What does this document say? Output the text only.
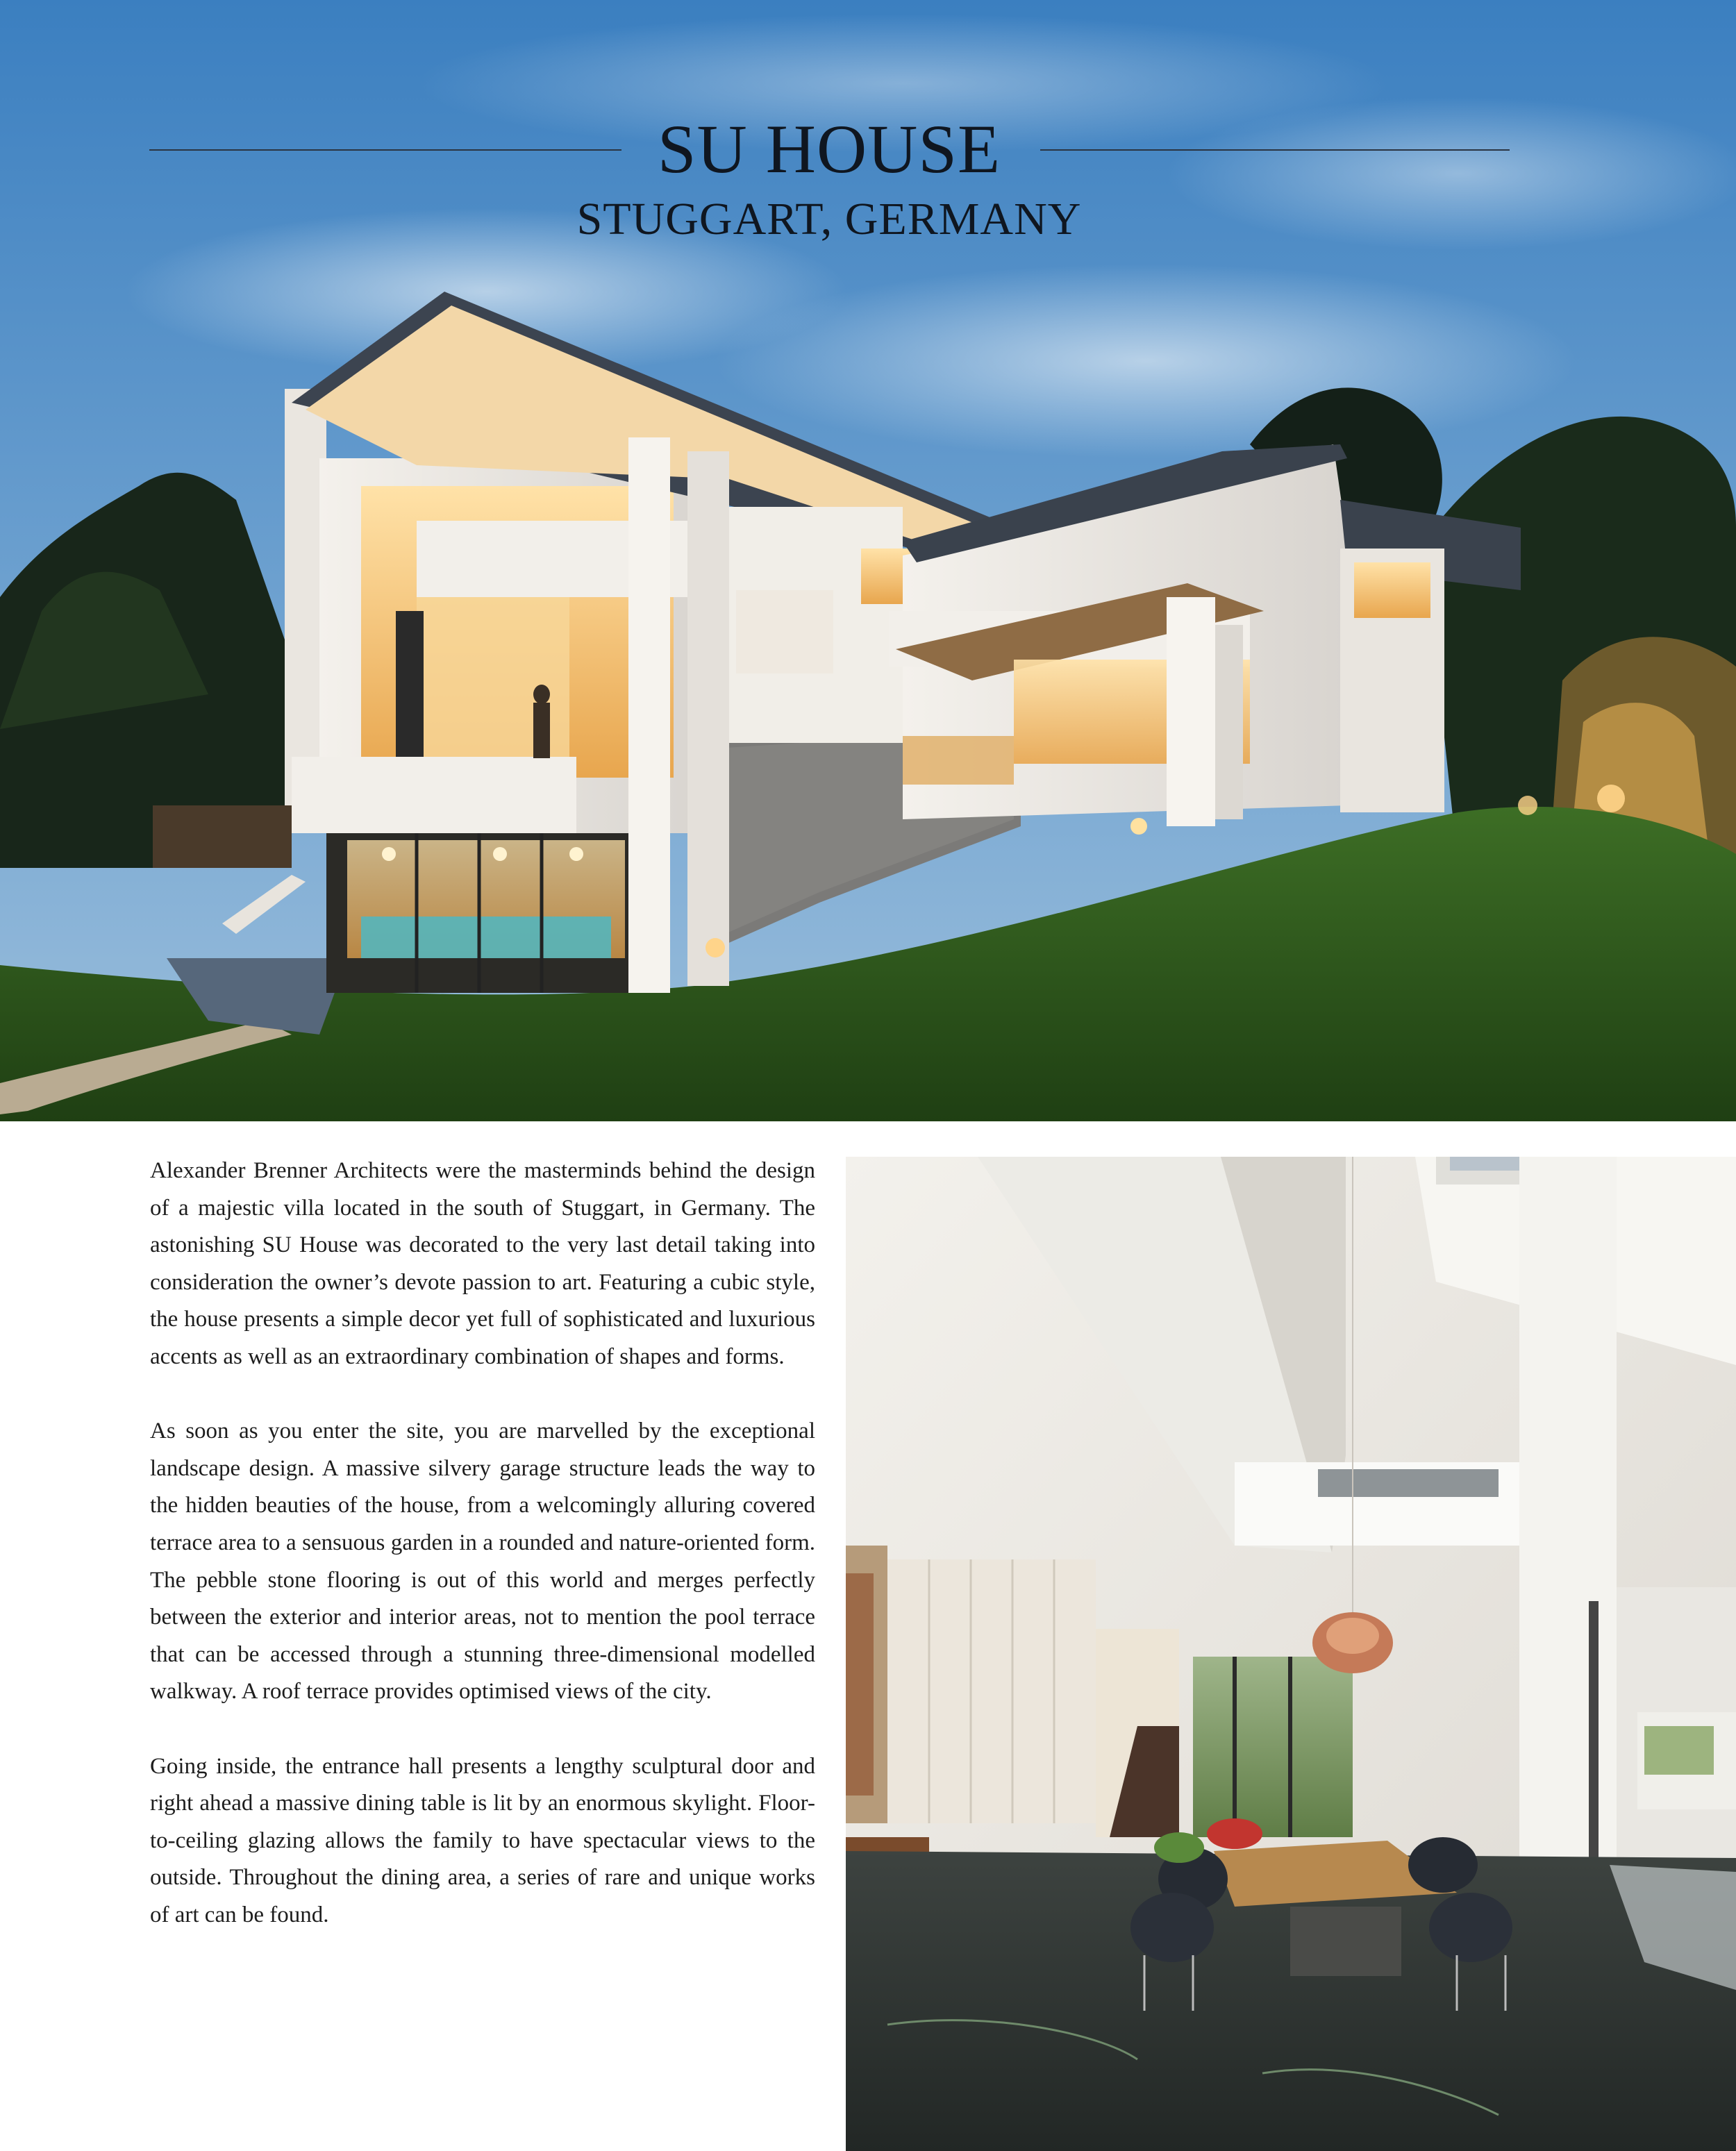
SU HOUSE
STUGGART, GERMANY

Alexander Brenner Architects were the masterminds behind the design of a majestic villa located in the south of Stuggart, in Germany. The astonishing SU House was decorated to the very last detail taking into consideration the owner’s devote passion to art. Featuring a cubic style, the house presents a simple decor yet full of sophisticated and luxurious accents as well as an extraordinary combination of shapes and forms.

As soon as you enter the site, you are marvelled by the exceptional landscape design. A massive silvery garage structure leads the way to the hidden beauties of the house, from a welcomingly alluring covered terrace area to a sensuous garden in a rounded and nature-oriented form. The pebble stone flooring is out of this world and merges perfectly between the exterior and interior areas, not to mention the pool terrace that can be accessed through a stunning three-dimensional modelled walkway. A roof terrace provides optimised views of the city.

Going inside, the entrance hall presents a lengthy sculptural door and right ahead a massive dining table is lit by an enormous skylight. Floor-to-ceiling glazing allows the family to have spectacular views to the outside. Throughout the dining area, a series of rare and unique works of art can be found.
